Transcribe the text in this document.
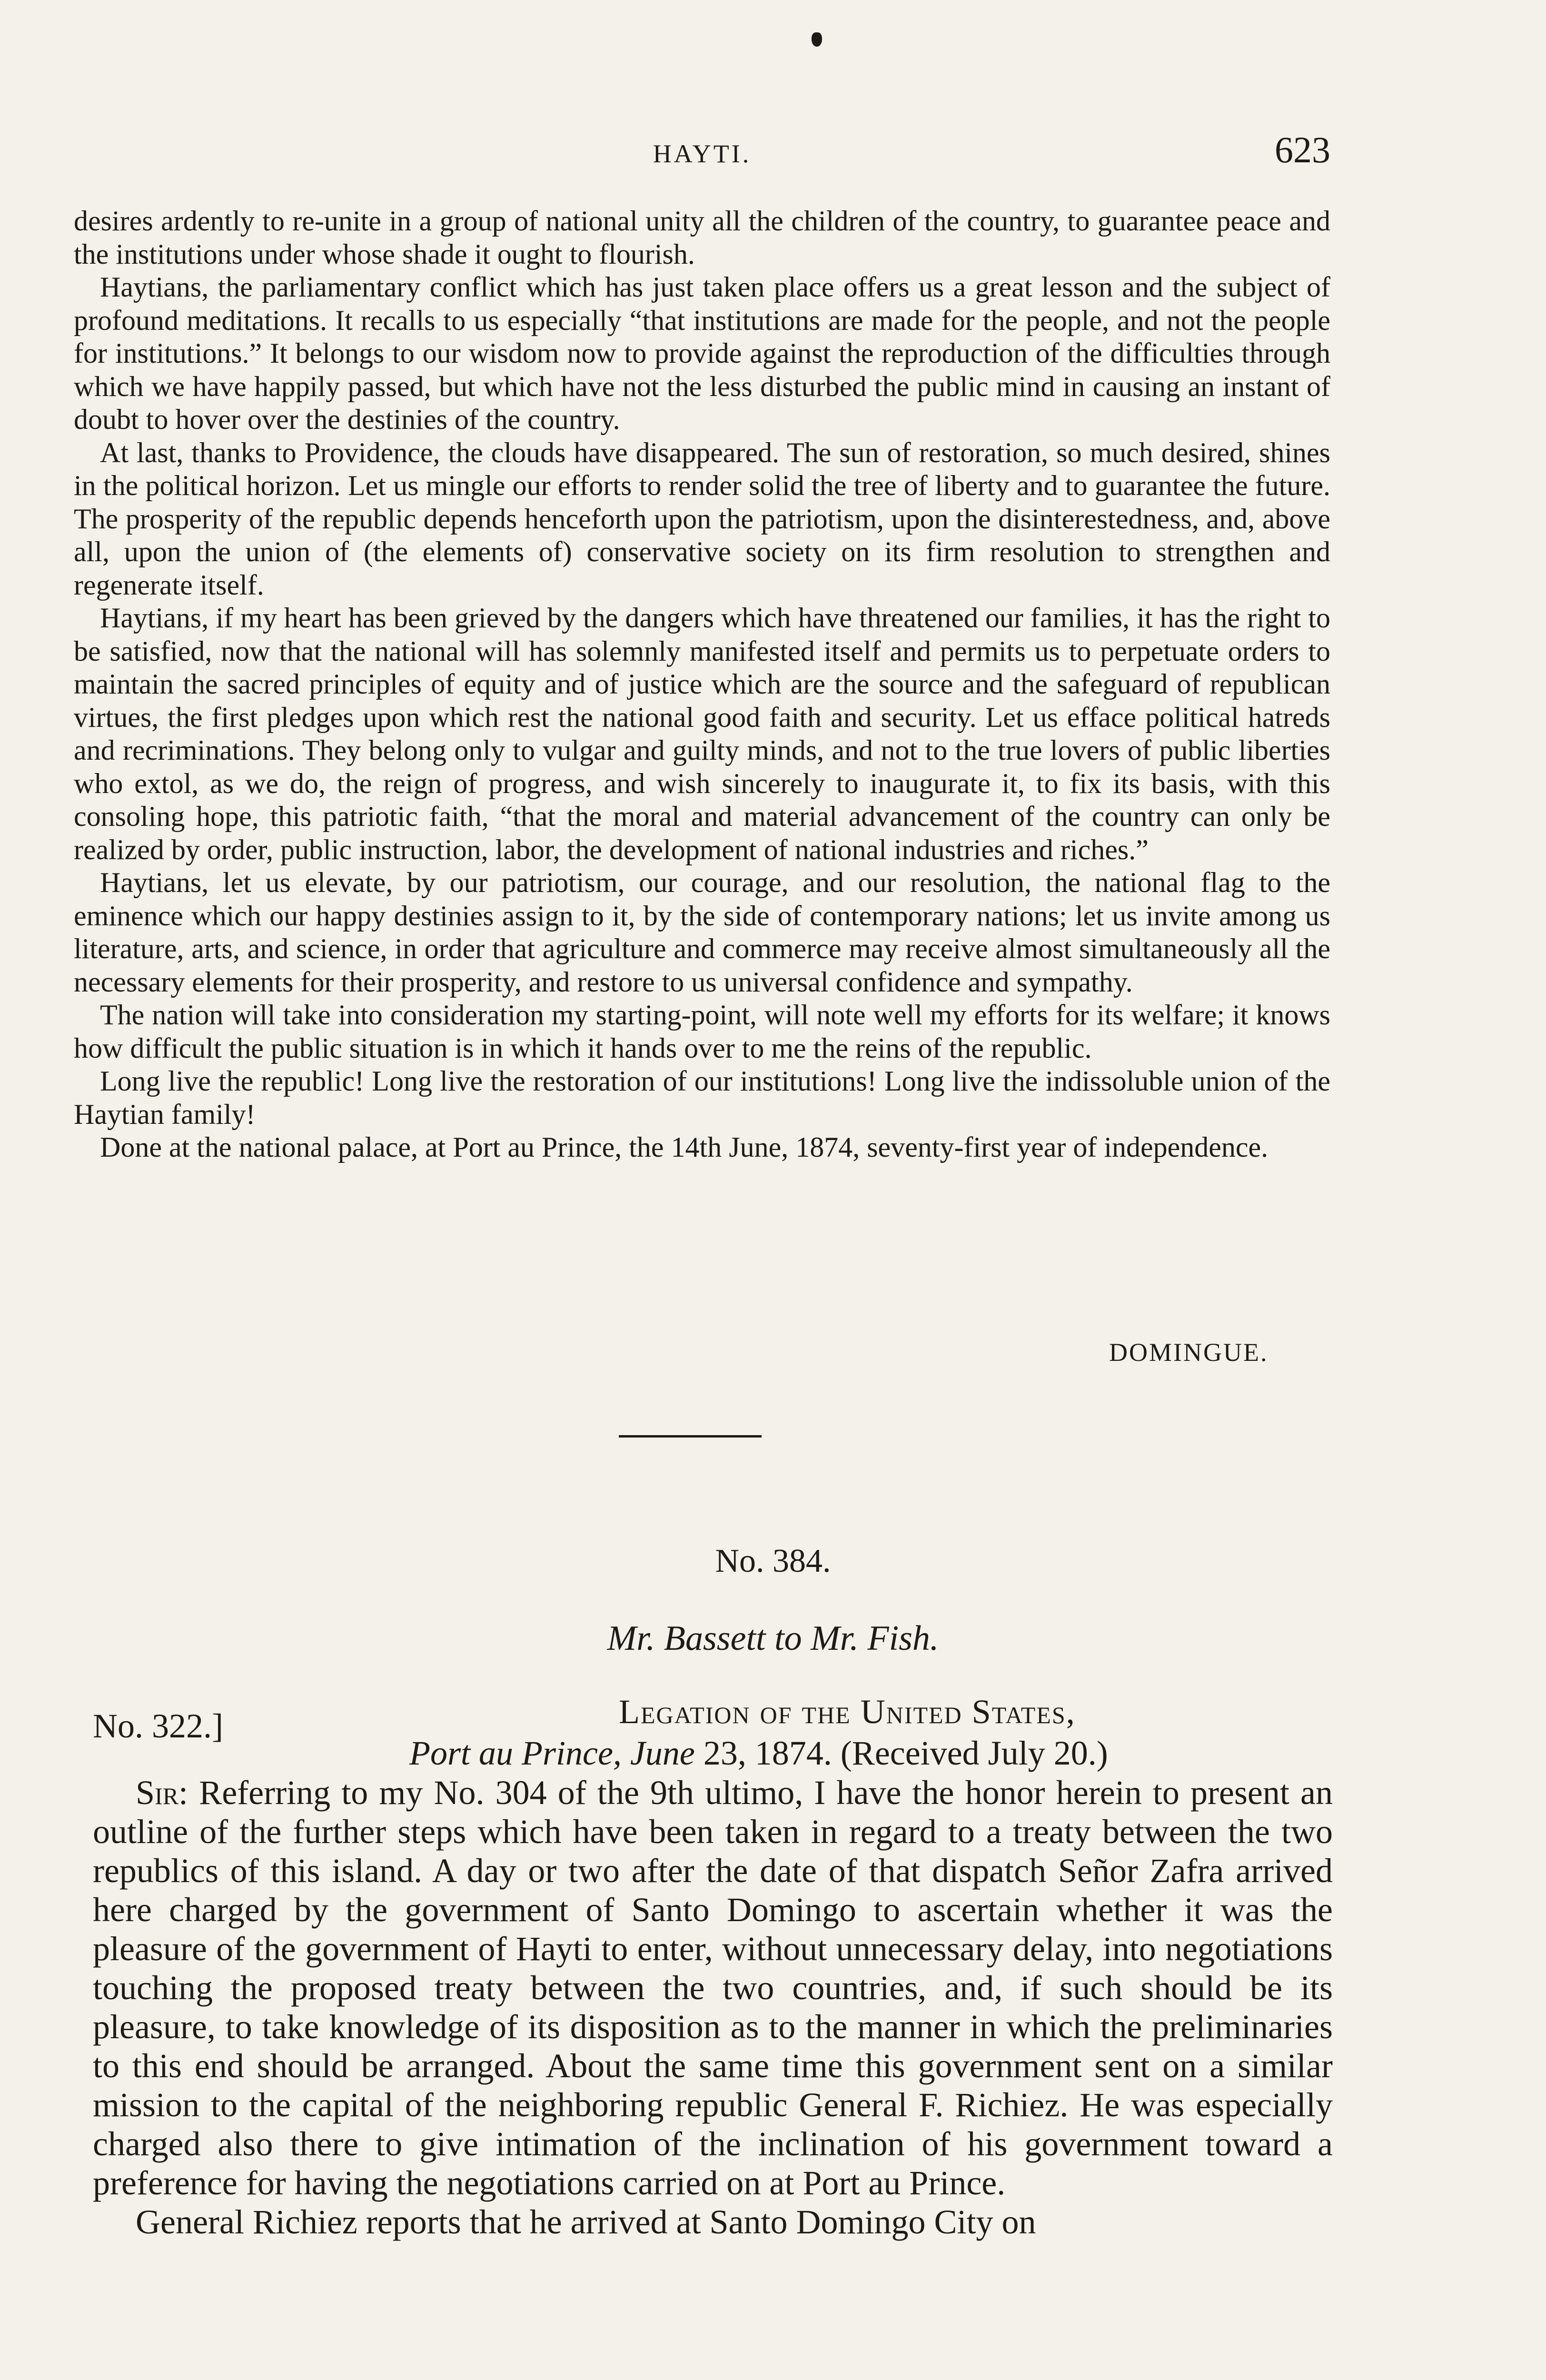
HAYTI.	623

desires ardently to re-unite in a group of national unity all the children of the country, to guarantee peace and the institutions under whose shade it ought to flourish.

Haytians, the parliamentary conflict which has just taken place offers us a great lesson and the subject of profound meditations. It recalls to us especially “that institutions are made for the people, and not the people for institutions.” It belongs to our wisdom now to provide against the reproduction of the difficulties through which we have happily passed, but which have not the less disturbed the public mind in causing an instant of doubt to hover over the destinies of the country.

At last, thanks to Providence, the clouds have disappeared. The sun of restoration, so much desired, shines in the political horizon. Let us mingle our efforts to render solid the tree of liberty and to guarantee the future. The prosperity of the republic depends henceforth upon the patriotism, upon the disinterestedness, and, above all, upon the union of (the elements of) conservative society on its firm resolution to strengthen and regenerate itself.

Haytians, if my heart has been grieved by the dangers which have threatened our families, it has the right to be satisfied, now that the national will has solemnly manifested itself and permits us to perpetuate orders to maintain the sacred principles of equity and of justice which are the source and the safeguard of republican virtues, the first pledges upon which rest the national good faith and security. Let us efface political hatreds and recriminations. They belong only to vulgar and guilty minds, and not to the true lovers of public liberties who extol, as we do, the reign of progress, and wish sincerely to inaugurate it, to fix its basis, with this consoling hope, this patriotic faith, “that the moral and material advancement of the country can only be realized by order, public instruction, labor, the development of national industries and riches.”

Haytians, let us elevate, by our patriotism, our courage, and our resolution, the national flag to the eminence which our happy destinies assign to it, by the side of contemporary nations; let us invite among us literature, arts, and science, in order that agriculture and commerce may receive almost simultaneously all the necessary elements for their prosperity, and restore to us universal confidence and sympathy.

The nation will take into consideration my starting-point, will note well my efforts for its welfare; it knows how difficult the public situation is in which it hands over to me the reins of the republic.

Long live the republic! Long live the restoration of our institutions! Long live the indissoluble union of the Haytian family!

Done at the national palace, at Port au Prince, the 14th June, 1874, seventy-first year of independence.

DOMINGUE.
No. 384.
Mr. Bassett to Mr. Fish.
No. 322.]	Legation of the United States,
Port au Prince, June 23, 1874. (Received July 20.)

Sir: Referring to my No. 304 of the 9th ultimo, I have the honor herein to present an outline of the further steps which have been taken in regard to a treaty between the two republics of this island. A day or two after the date of that dispatch Señor Zafra arrived here charged by the government of Santo Domingo to ascertain whether it was the pleasure of the government of Hayti to enter, without unnecessary delay, into negotiations touching the proposed treaty between the two countries, and, if such should be its pleasure, to take knowledge of its disposition as to the manner in which the preliminaries to this end should be arranged. About the same time this government sent on a similar mission to the capital of the neighboring republic General F. Richiez. He was especially charged also there to give intimation of the inclination of his government toward a preference for having the negotiations carried on at Port au Prince.

General Richiez reports that he arrived at Santo Domingo City on
